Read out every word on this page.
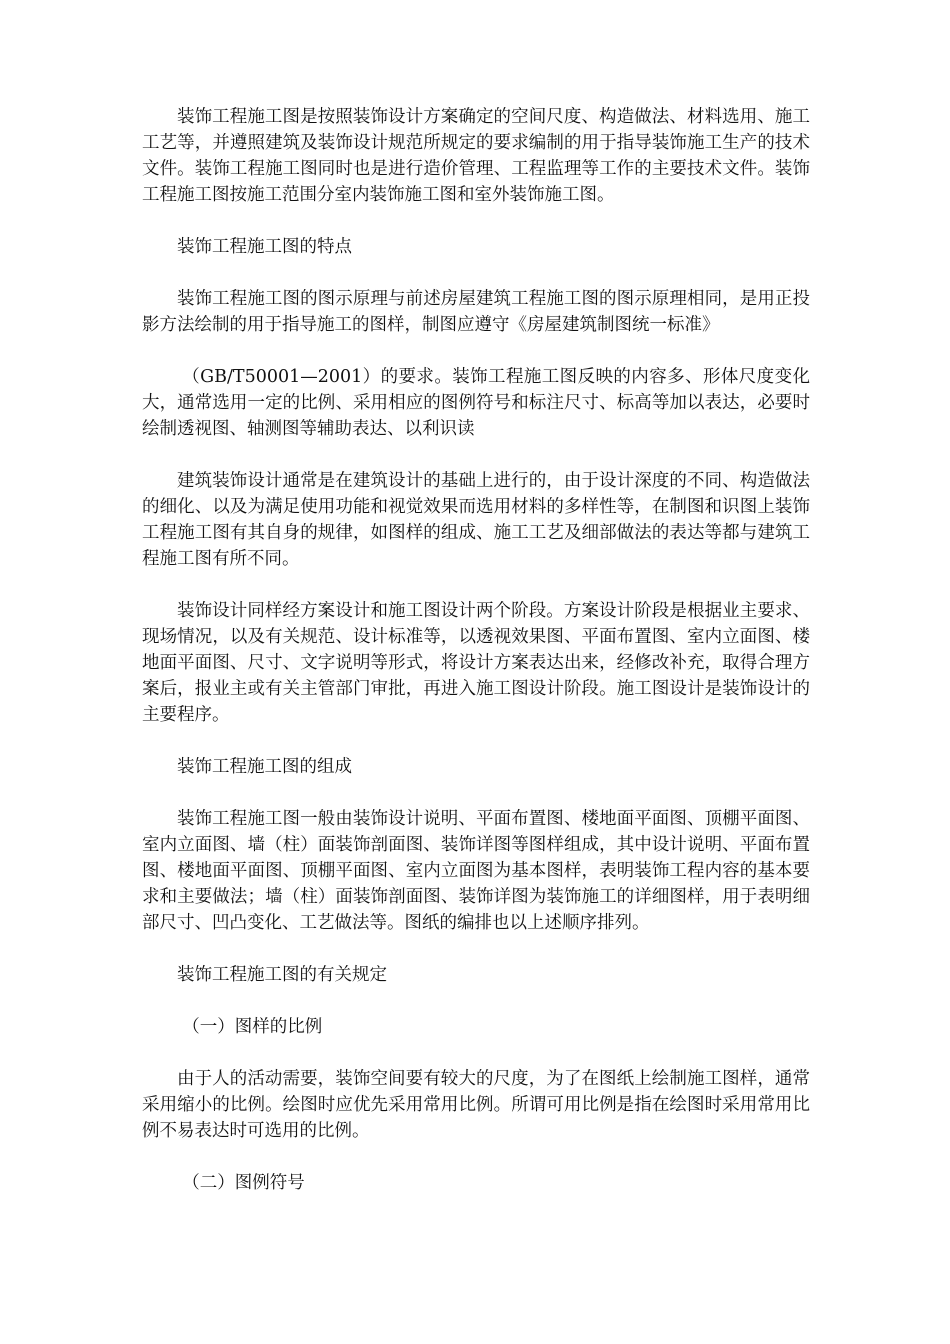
装饰工程施工图是按照装饰设计方案确定的空间尺度、构造做法、材料选用、施工工艺等，并遵照建筑及装饰设计规范所规定的要求编制的用于指导装饰施工生产的技术文件。装饰工程施工图同时也是进行造价管理、工程监理等工作的主要技术文件。装饰工程施工图按施工范围分室内装饰施工图和室外装饰施工图。

装饰工程施工图的特点

装饰工程施工图的图示原理与前述房屋建筑工程施工图的图示原理相同，是用正投影方法绘制的用于指导施工的图样，制图应遵守《房屋建筑制图统一标准》

（GB/T50001—2001）的要求。装饰工程施工图反映的内容多、形体尺度变化大，通常选用一定的比例、采用相应的图例符号和标注尺寸、标高等加以表达，必要时绘制透视图、轴测图等辅助表达、以利识读

建筑装饰设计通常是在建筑设计的基础上进行的，由于设计深度的不同、构造做法的细化、以及为满足使用功能和视觉效果而选用材料的多样性等，在制图和识图上装饰工程施工图有其自身的规律，如图样的组成、施工工艺及细部做法的表达等都与建筑工程施工图有所不同。

装饰设计同样经方案设计和施工图设计两个阶段。方案设计阶段是根据业主要求、现场情况，以及有关规范、设计标准等，以透视效果图、平面布置图、室内立面图、楼地面平面图、尺寸、文字说明等形式，将设计方案表达出来，经修改补充，取得合理方案后，报业主或有关主管部门审批，再进入施工图设计阶段。施工图设计是装饰设计的主要程序。

装饰工程施工图的组成

装饰工程施工图一般由装饰设计说明、平面布置图、楼地面平面图、顶棚平面图、室内立面图、墙（柱）面装饰剖面图、装饰详图等图样组成，其中设计说明、平面布置图、楼地面平面图、顶棚平面图、室内立面图为基本图样，表明装饰工程内容的基本要求和主要做法；墙（柱）面装饰剖面图、装饰详图为装饰施工的详细图样，用于表明细部尺寸、凹凸变化、工艺做法等。图纸的编排也以上述顺序排列。

装饰工程施工图的有关规定

（一）图样的比例

由于人的活动需要，装饰空间要有较大的尺度，为了在图纸上绘制施工图样，通常采用缩小的比例。绘图时应优先采用常用比例。所谓可用比例是指在绘图时采用常用比例不易表达时可选用的比例。

（二）图例符号
